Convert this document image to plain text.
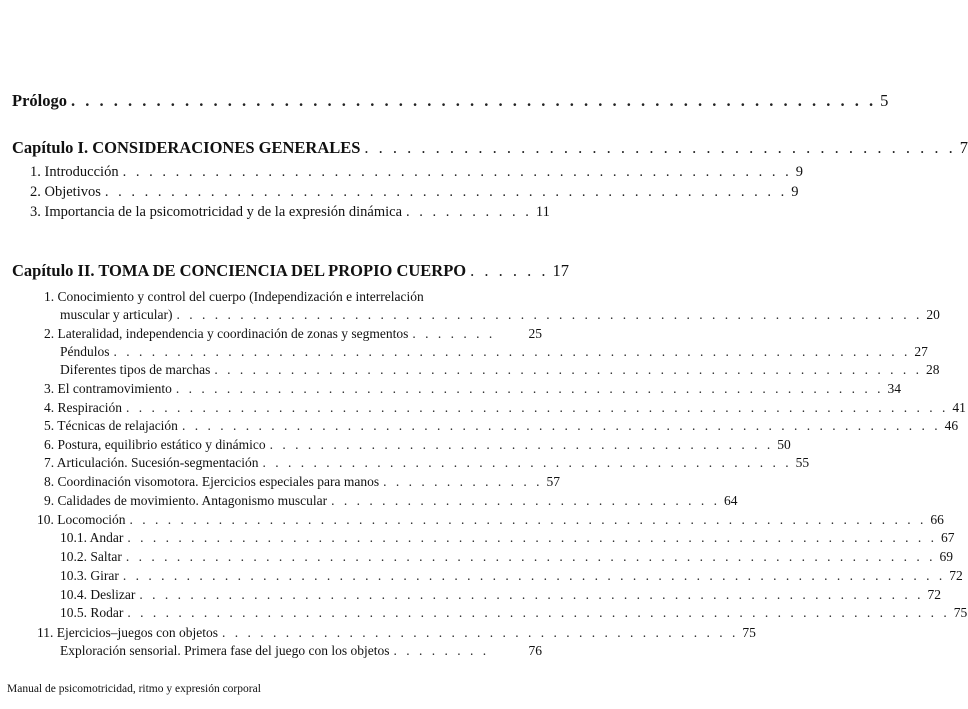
Prólogo . . . . . . . . . . . . . . . . . . . . . . . . . . . . . . . . . . . . . . . . . . . . . . . . . . . . . . . . . 5
Capítulo I. CONSIDERACIONES GENERALES . . . . . . . . . . . . . . . . . . . . . . . . . . . . . . . . . . . . . . . . . . 7
1. Introducción . . . . . . . . . . . . . . . . . . . . . . . . . . . . . . . . . . . . . . . . . . . . . . . . . . . 9
2. Objetivos . . . . . . . . . . . . . . . . . . . . . . . . . . . . . . . . . . . . . . . . . . . . . . . . . . . . 9
3. Importancia de la psicomotricidad y de la expresión dinámica . . . . . . . . . . 11
Capítulo II. TOMA DE CONCIENCIA DEL PROPIO CUERPO . . . . . . 17
1. Conocimiento y control del cuerpo (Independización e interrelación
muscular y articular) . . . . . . . . . . . . . . . . . . . . . . . . . . . . . . . . . . . . . . . . . . . . . . . . . . . . . . . . . . . 20
2. Lateralidad, independencia y coordinación de zonas y segmentos . . . . . . .	25
Péndulos . . . . . . . . . . . . . . . . . . . . . . . . . . . . . . . . . . . . . . . . . . . . . . . . . . . . . . . . . . . . . . . 27
Diferentes tipos de marchas . . . . . . . . . . . . . . . . . . . . . . . . . . . . . . . . . . . . . . . . . . . . . . . . . . . . . . . . 28
3. El contramovimiento . . . . . . . . . . . . . . . . . . . . . . . . . . . . . . . . . . . . . . . . . . . . . . . . . . . . . . . . 34
4. Respiración . . . . . . . . . . . . . . . . . . . . . . . . . . . . . . . . . . . . . . . . . . . . . . . . . . . . . . . . . . . . . . . . . 41
5. Técnicas de relajación . . . . . . . . . . . . . . . . . . . . . . . . . . . . . . . . . . . . . . . . . . . . . . . . . . . . . . . . . . . . 46
6. Postura, equilibrio estático y dinámico . . . . . . . . . . . . . . . . . . . . . . . . . . . . . . . . . . . . . . . . 50
7. Articulación. Sucesión-segmentación . . . . . . . . . . . . . . . . . . . . . . . . . . . . . . . . . . . . . . . . . . 55
8. Coordinación visomotora. Ejercicios especiales para manos . . . . . . . . . . . . . 57
9. Calidades de movimiento. Antagonismo muscular . . . . . . . . . . . . . . . . . . . . . . . . . . . . . . . 64
10. Locomoción . . . . . . . . . . . . . . . . . . . . . . . . . . . . . . . . . . . . . . . . . . . . . . . . . . . . . . . . . . . . . . . 66
10.1. Andar . . . . . . . . . . . . . . . . . . . . . . . . . . . . . . . . . . . . . . . . . . . . . . . . . . . . . . . . . . . . . . . . 67
10.2. Saltar . . . . . . . . . . . . . . . . . . . . . . . . . . . . . . . . . . . . . . . . . . . . . . . . . . . . . . . . . . . . . . . . 69
10.3. Girar . . . . . . . . . . . . . . . . . . . . . . . . . . . . . . . . . . . . . . . . . . . . . . . . . . . . . . . . . . . . . . . . . 72
10.4. Deslizar . . . . . . . . . . . . . . . . . . . . . . . . . . . . . . . . . . . . . . . . . . . . . . . . . . . . . . . . . . . . . . 72
10.5. Rodar . . . . . . . . . . . . . . . . . . . . . . . . . . . . . . . . . . . . . . . . . . . . . . . . . . . . . . . . . . . . . . . . . 75
11. Ejercicios–juegos con objetos . . . . . . . . . . . . . . . . . . . . . . . . . . . . . . . . . . . . . . . . . 75
Exploración sensorial. Primera fase del juego con los objetos . . . . . . . .	76
Manual de psicomotricidad, ritmo y expresión corporal
